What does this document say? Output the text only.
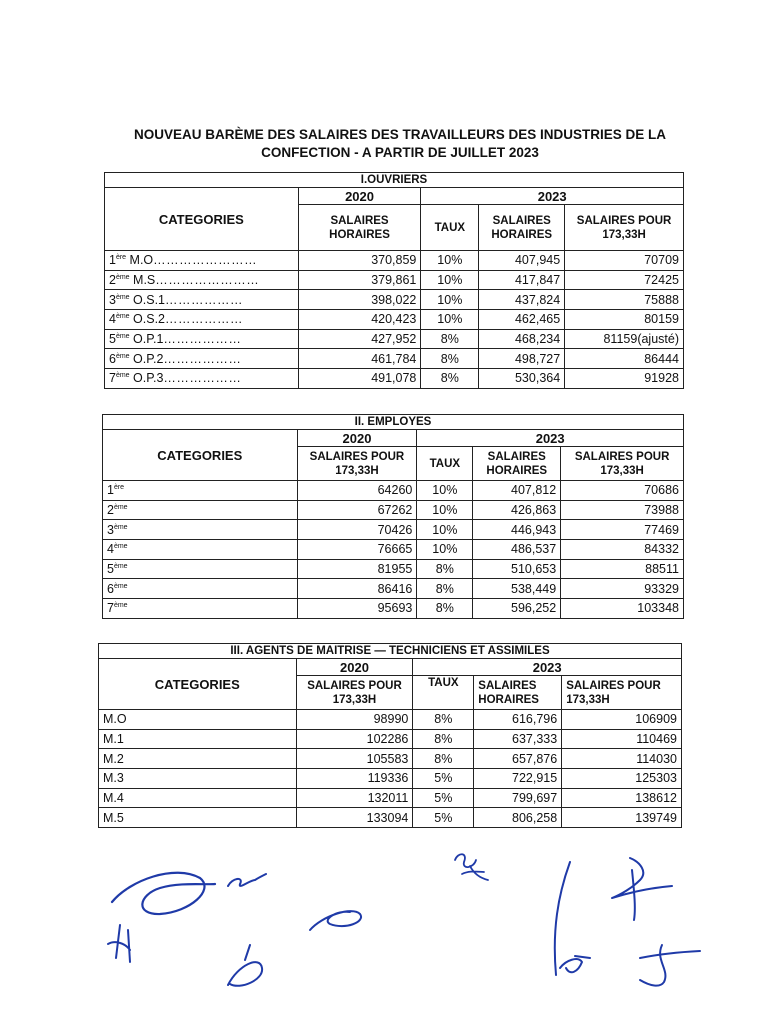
NOUVEAU BARÈME DES SALAIRES DES TRAVAILLEURS DES INDUSTRIES DE LA
CONFECTION - A PARTIR DE JUILLET 2023
I.OUVRIERS				
CATEGORIES	2020	2023		
	SALAIRES HORAIRES	TAUX	SALAIRES HORAIRES	SALAIRES POUR 173,33H
1ère M.O……………………	370,859	10%	407,945	70709
2ème M.S……………………	379,861	10%	417,847	72425
3ème O.S.1………………	398,022	10%	437,824	75888
4ème O.S.2………………	420,423	10%	462,465	80159
5ème O.P.1………………	427,952	8%	468,234	81159(ajusté)
6ème O.P.2………………	461,784	8%	498,727	86444
7ème O.P.3………………	491,078	8%	530,364	91928
II. EMPLOYES				
CATEGORIES	2020	2023		
	SALAIRES POUR 173,33H	TAUX	SALAIRES HORAIRES	SALAIRES POUR 173,33H
1ère	64260	10%	407,812	70686
2ème	67262	10%	426,863	73988
3ème	70426	10%	446,943	77469
4ème	76665	10%	486,537	84332
5ème	81955	8%	510,653	88511
6ème	86416	8%	538,449	93329
7ème	95693	8%	596,252	103348
III. AGENTS DE MAITRISE — TECHNICIENS ET ASSIMILES				
CATEGORIES	2020	2023		
	SALAIRES POUR 173,33H	TAUX	SALAIRES HORAIRES	SALAIRES POUR 173,33H
M.O	98990	8%	616,796	106909
M.1	102286	8%	637,333	110469
M.2	105583	8%	657,876	114030
M.3	119336	5%	722,915	125303
M.4	132011	5%	799,697	138612
M.5	133094	5%	806,258	139749
